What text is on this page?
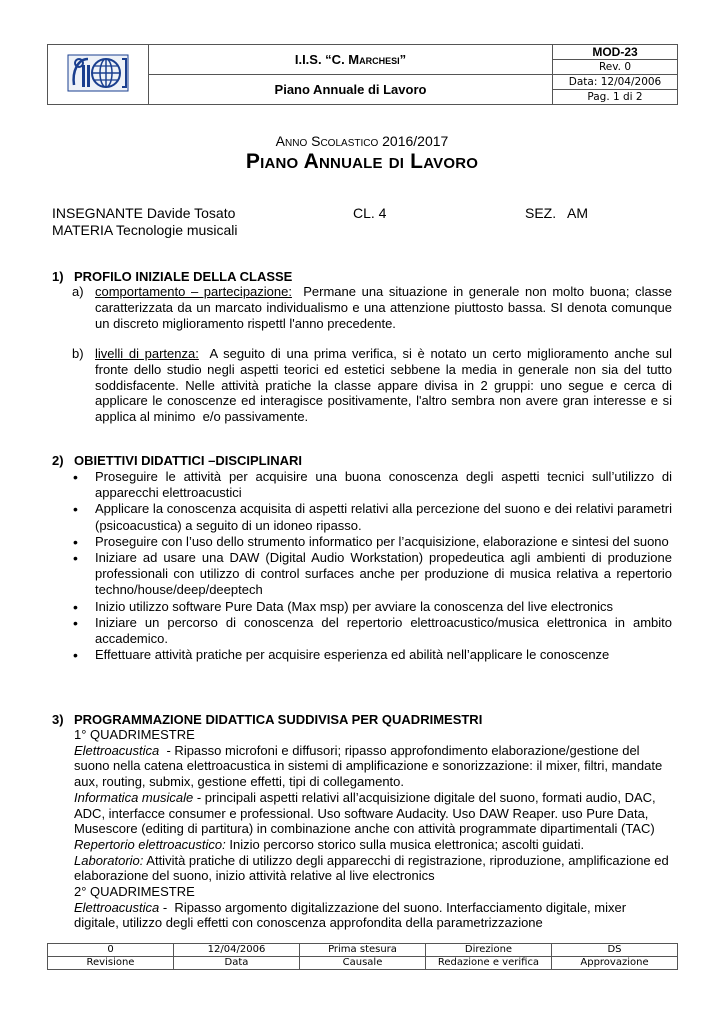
	I.I.S. “C. Marchesi”	MOD-23
		Rev. 0
	Piano Annuale di Lavoro	Data: 12/04/2006
		Pag. 1 di 2
Anno Scolastico 2016/2017
Piano Annuale di Lavoro
INSEGNANTE Davide Tosato
MATERIA Tecnologie musicali
CL. 4	SEZ.   AM
1) PROFILO INIZIALE DELLA CLASSE
a) comportamento – partecipazione:  Permane una situazione in generale non molto buona; classe caratterizzata da un marcato individualismo e una attenzione piuttosto bassa. SI denota comunque un discreto miglioramento rispettl l'anno precedente.
b) livelli di partenza:  A seguito di una prima verifica, si è notato un certo miglioramento anche sul fronte dello studio negli aspetti teorici ed estetici sebbene la media in generale non sia del tutto soddisfacente. Nelle attività pratiche la classe appare divisa in 2 gruppi: uno segue e cerca di applicare le conoscenze ed interagisce positivamente, l'altro sembra non avere gran interesse e si applica al minimo  e/o passivamente.
2) OBIETTIVI DIDATTICI –DISCIPLINARI
• Proseguire le attività per acquisire una buona conoscenza degli aspetti tecnici sull’utilizzo di apparecchi elettroacustici
• Applicare la conoscenza acquisita di aspetti relativi alla percezione del suono e dei relativi parametri (psicoacustica) a seguito di un idoneo ripasso.
• Proseguire con l’uso dello strumento informatico per l’acquisizione, elaborazione e sintesi del suono
• Iniziare ad usare una DAW (Digital Audio Workstation) propedeutica agli ambienti di produzione professionali con utilizzo di control surfaces anche per produzione di musica relativa a repertorio techno/house/deep/deeptech
• Inizio utilizzo software Pure Data (Max msp) per avviare la conoscenza del live electronics
• Iniziare un percorso di conoscenza del repertorio elettroacustico/musica elettronica in ambito accademico.
• Effettuare attività pratiche per acquisire esperienza ed abilità nell’applicare le conoscenze
3) PROGRAMMAZIONE DIDATTICA SUDDIVISA PER QUADRIMESTRI
1° QUADRIMESTRE
Elettroacustica  - Ripasso microfoni e diffusori; ripasso approfondimento elaborazione/gestione del suono nella catena elettroacustica in sistemi di amplificazione e sonorizzazione: il mixer, filtri, mandate aux, routing, submix, gestione effetti, tipi di collegamento.
Informatica musicale - principali aspetti relativi all’acquisizione digitale del suono, formati audio, DAC, ADC, interfacce consumer e professional. Uso software Audacity. Uso DAW Reaper. uso Pure Data, Musescore (editing di partitura) in combinazione anche con attività programmate dipartimentali (TAC)
Repertorio elettroacustico: Inizio percorso storico sulla musica elettronica; ascolti guidati.
Laboratorio: Attività pratiche di utilizzo degli apparecchi di registrazione, riproduzione, amplificazione ed elaborazione del suono, inizio attività relative al live electronics
2° QUADRIMESTRE
Elettroacustica -  Ripasso argomento digitalizzazione del suono. Interfacciamento digitale, mixer digitale, utilizzo degli effetti con conoscenza approfondita della parametrizzazione
0	12/04/2006	Prima stesura	Direzione	DS
Revisione	Data	Causale	Redazione e verifica	Approvazione
